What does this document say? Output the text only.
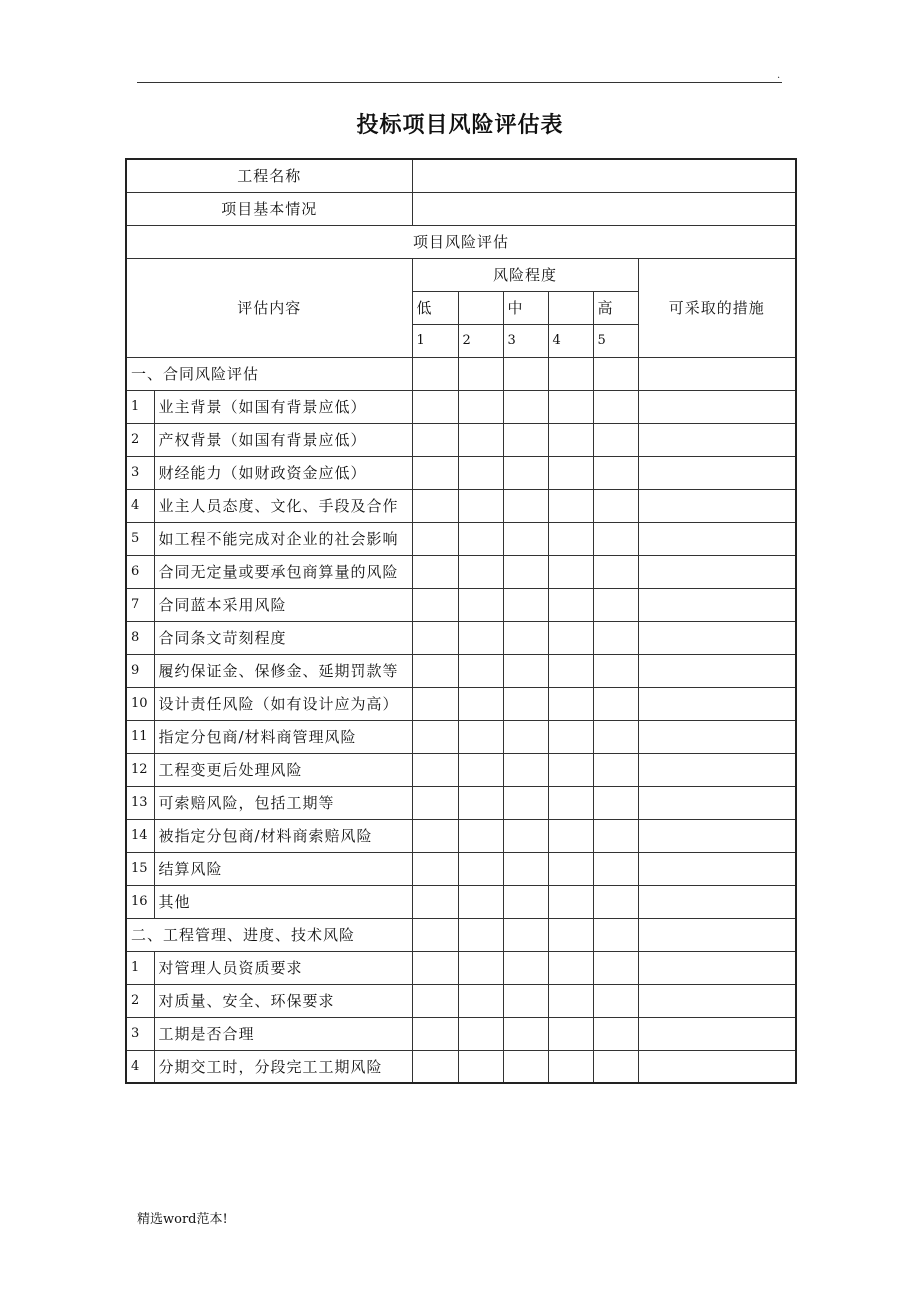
.
投标项目风险评估表
工程名称							
项目基本情况							
项目风险评估							
评估内容		风险程度					可采取的措施
		低		中		高	
		1	2	3	4	5	
一、合同风险评估							
1	业主背景（如国有背景应低）						
2	产权背景（如国有背景应低）						
3	财经能力（如财政资金应低）						
4	业主人员态度、文化、手段及合作						
5	如工程不能完成对企业的社会影响						
6	合同无定量或要承包商算量的风险						
7	合同蓝本采用风险						
8	合同条文苛刻程度						
9	履约保证金、保修金、延期罚款等						
10	设计责任风险（如有设计应为高）						
11	指定分包商/材料商管理风险						
12	工程变更后处理风险						
13	可索赔风险，包括工期等						
14	被指定分包商/材料商索赔风险						
15	结算风险						
16	其他						
二、工程管理、进度、技术风险							
1	对管理人员资质要求						
2	对质量、安全、环保要求						
3	工期是否合理						
4	分期交工时，分段完工工期风险						
精选word范本!
